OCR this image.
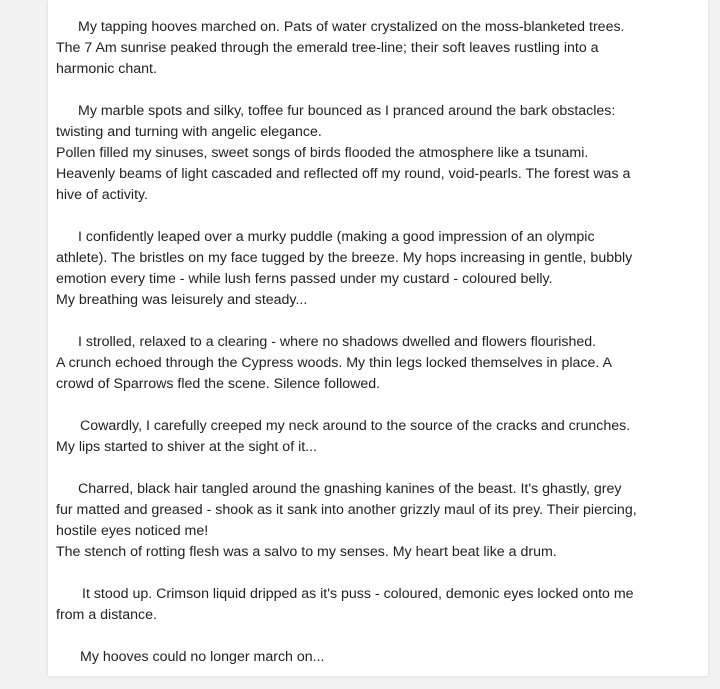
My tapping hooves marched on. Pats of water crystalized on the moss-blanketed trees.
The 7 Am sunrise peaked through the emerald tree-line; their soft leaves rustling into a
harmonic chant.

My marble spots and silky, toffee fur bounced as I pranced around the bark obstacles:
twisting and turning with angelic elegance.
Pollen filled my sinuses, sweet songs of birds flooded the atmosphere like a tsunami.
Heavenly beams of light cascaded and reflected off my round, void-pearls. The forest was a
hive of activity.

I confidently leaped over a murky puddle (making a good impression of an olympic
athlete). The bristles on my face tugged by the breeze. My hops increasing in gentle, bubbly
emotion every time - while lush ferns passed under my custard - coloured belly.
My breathing was leisurely and steady...

I strolled, relaxed to a clearing - where no shadows dwelled and flowers flourished.
A crunch echoed through the Cypress woods. My thin legs locked themselves in place. A
crowd of Sparrows fled the scene. Silence followed.

Cowardly, I carefully creeped my neck around to the source of the cracks and crunches.
My lips started to shiver at the sight of it...

Charred, black hair tangled around the gnashing kanines of the beast. It's ghastly, grey
fur matted and greased - shook as it sank into another grizzly maul of its prey. Their piercing,
hostile eyes noticed me!
The stench of rotting flesh was a salvo to my senses. My heart beat like a drum.

It stood up. Crimson liquid dripped as it's puss - coloured, demonic eyes locked onto me
from a distance.

My hooves could no longer march on...
